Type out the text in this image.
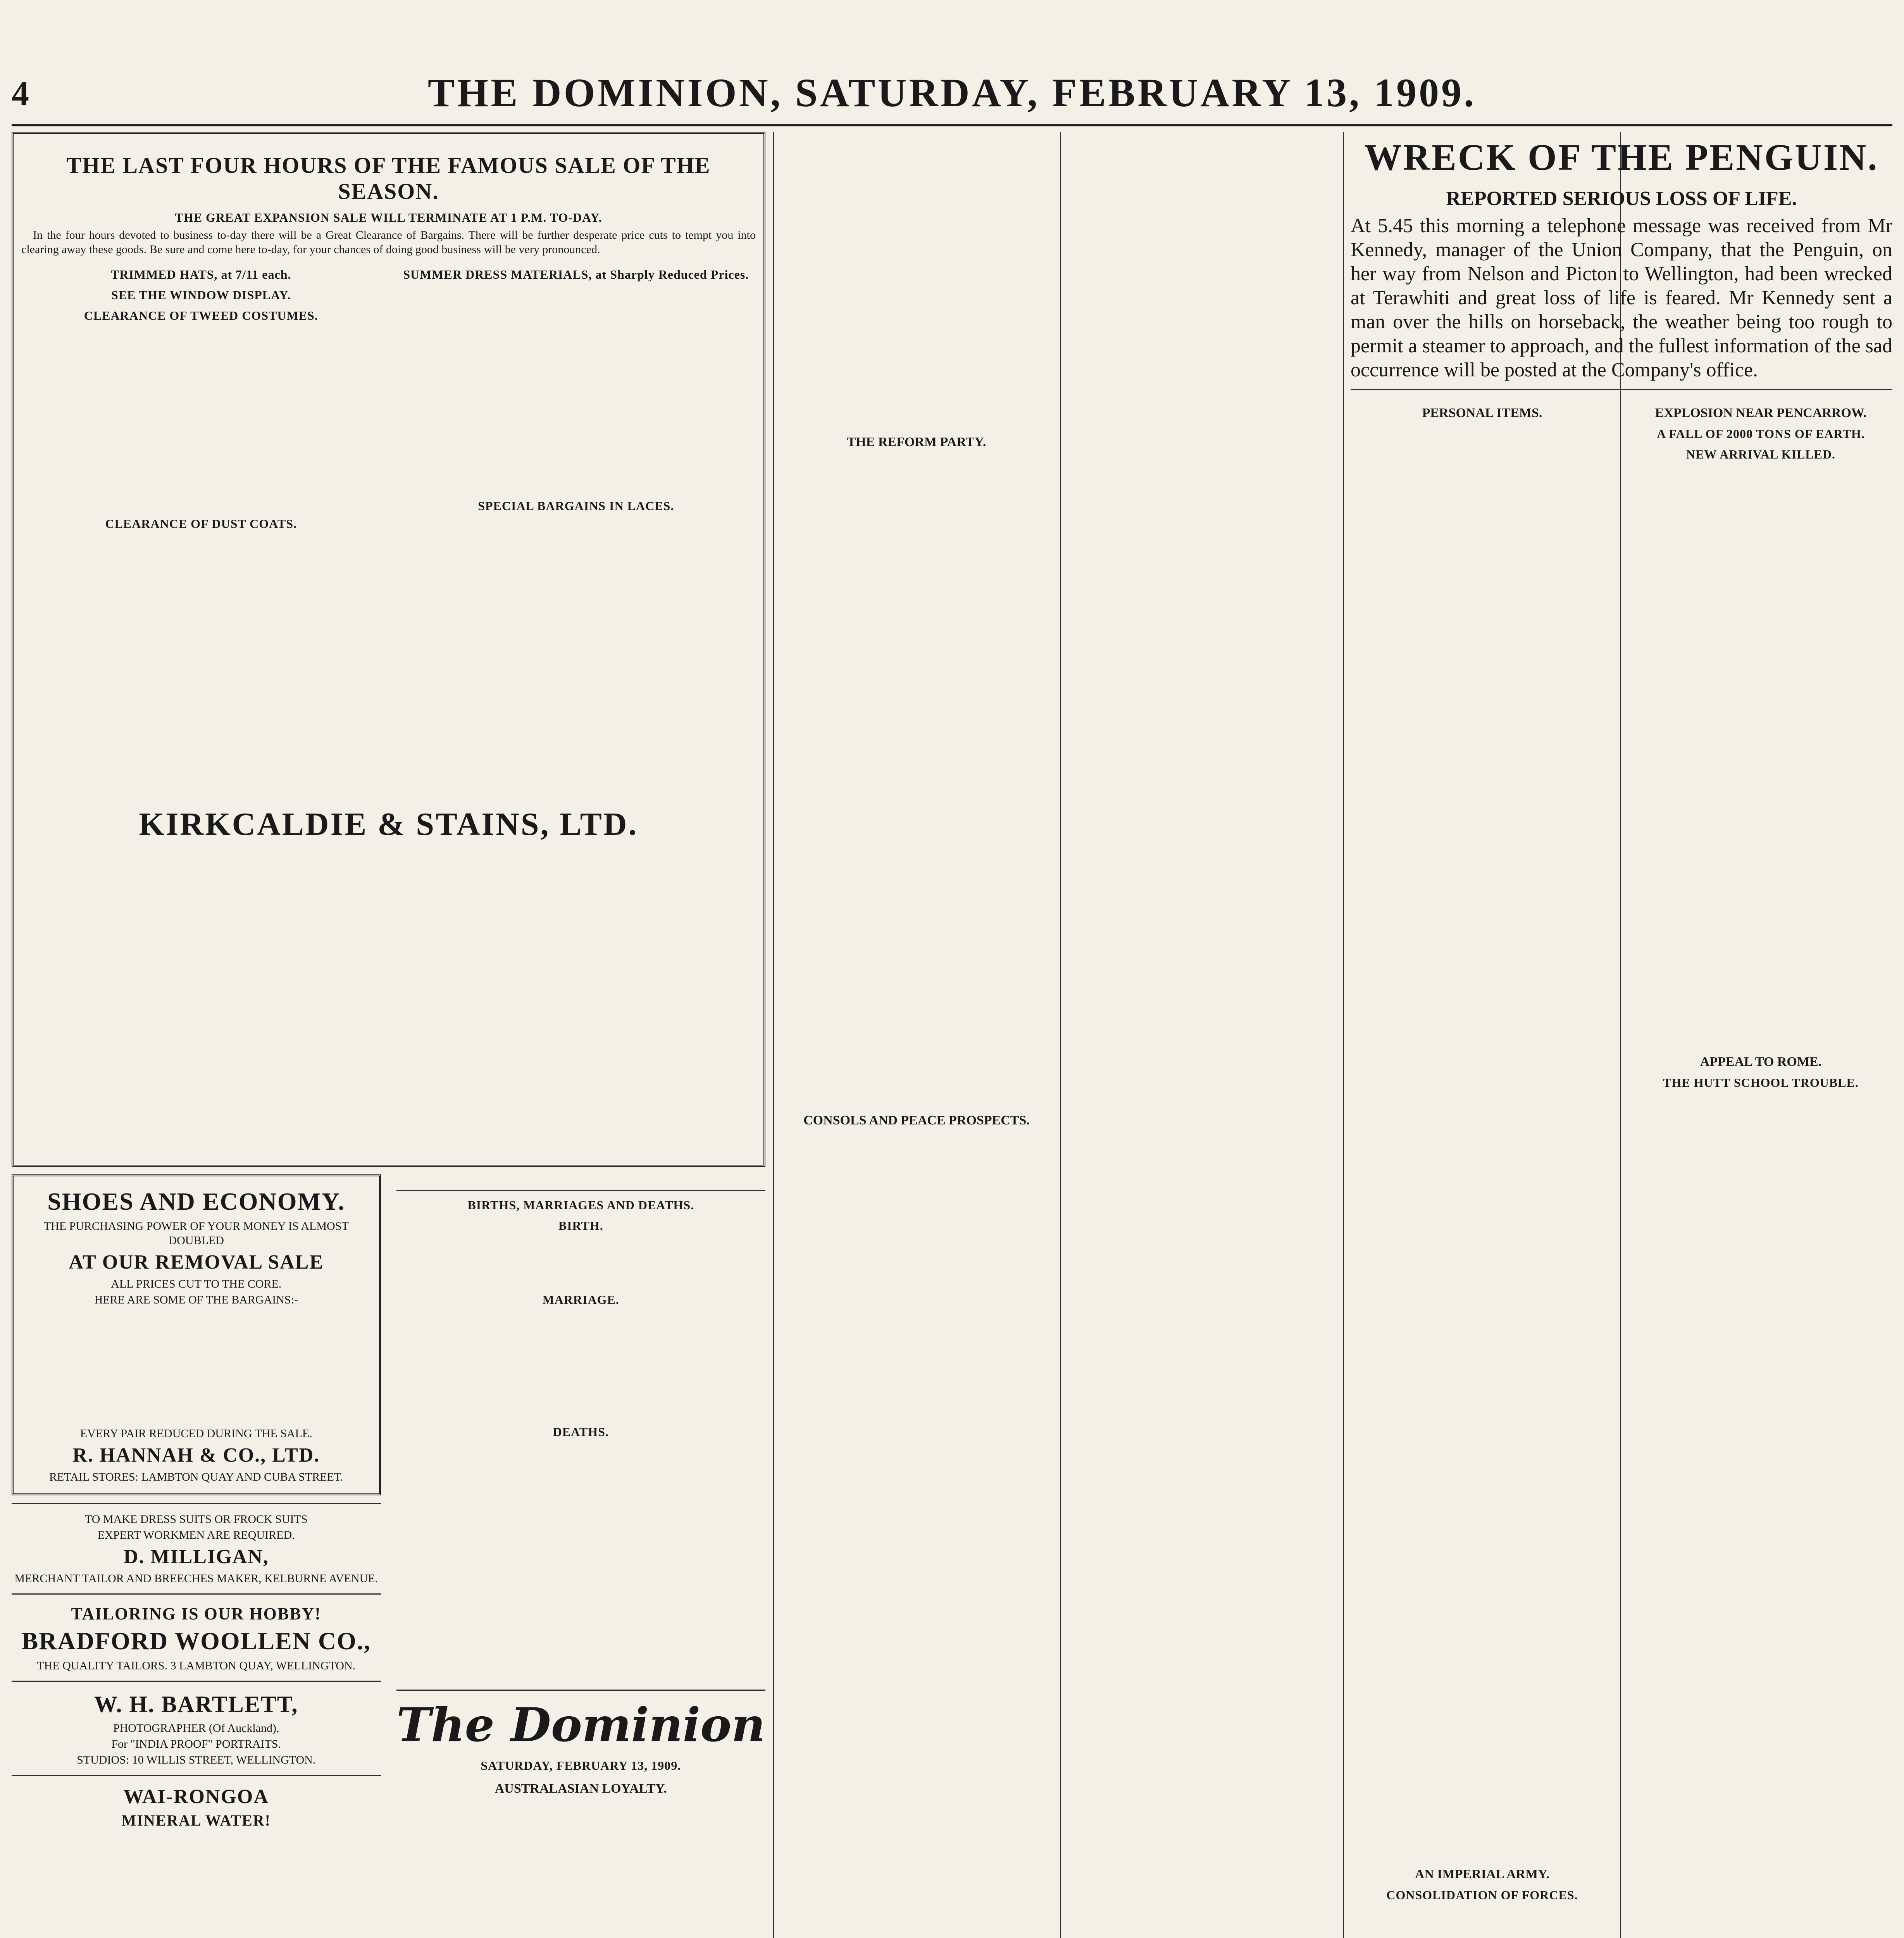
4	THE DOMINION, SATURDAY, FEBRUARY 13, 1909.
THE LAST FOUR HOURS OF THE FAMOUS SALE OF THE SEASON.
THE GREAT EXPANSION SALE WILL TERMINATE AT 1 P.M. TO-DAY.

In the four hours devoted to business to-day there will be a Great Clearance of Bargains. There will be further desperate price cuts to tempt you into clearing away these goods. Be sure and come here to-day, for your chances of doing good business will be very pronounced.

TRIMMED HATS, at 7/11 each.
SEE THE WINDOW DISPLAY.
CLEARANCE OF TWEED COSTUMES.
CLEARANCE OF DUST COATS.
SUMMER DRESS MATERIALS, at Sharply Reduced Prices.
SPECIAL BARGAINS IN LACES.
KIRKCALDIE & STAINS, LTD.
SHOES AND ECONOMY.
THE PURCHASING POWER OF YOUR MONEY IS ALMOST DOUBLED
AT OUR REMOVAL SALE
ALL PRICES CUT TO THE CORE.
HERE ARE SOME OF THE BARGAINS:-
EVERY PAIR REDUCED DURING THE SALE.
R. HANNAH & CO., LTD.
RETAIL STORES: LAMBTON QUAY AND CUBA STREET.
TO MAKE DRESS SUITS OR FROCK SUITS
EXPERT WORKMEN ARE REQUIRED.
D. MILLIGAN,
MERCHANT TAILOR AND BREECHES MAKER, KELBURNE AVENUE.
TAILORING IS OUR HOBBY!
BRADFORD WOOLLEN CO.,
THE QUALITY TAILORS. 3 LAMBTON QUAY, WELLINGTON.
W. H. BARTLETT,
PHOTOGRAPHER (Of Auckland),
For "INDIA PROOF" PORTRAITS.
STUDIOS: 10 WILLIS STREET, WELLINGTON.
WAI-RONGOA
MINERAL WATER!
BIRTHS, MARRIAGES AND DEATHS.
BIRTH.
MARRIAGE.
DEATHS.
The Dominion
SATURDAY, FEBRUARY 13, 1909.
AUSTRALASIAN LOYALTY.
THE REFORM PARTY.
CONSOLS AND PEACE PROSPECTS.
WRECK OF THE PENGUIN.
REPORTED SERIOUS LOSS OF LIFE.

At 5.45 this morning a telephone message was received from Mr Kennedy, manager of the Union Company, that the Penguin, on her way from Nelson and Picton to Wellington, had been wrecked at Terawhiti and great loss of life is feared. Mr Kennedy sent a man over the hills on horseback, the weather being too rough to permit a steamer to approach, and the fullest information of the sad occurrence will be posted at the Company's office.

PERSONAL ITEMS.
AN IMPERIAL ARMY.
CONSOLIDATION OF FORCES.
EXPLOSION NEAR PENCARROW.
A FALL OF 2000 TONS OF EARTH.
NEW ARRIVAL KILLED.
APPEAL TO ROME.
THE HUTT SCHOOL TROUBLE.
